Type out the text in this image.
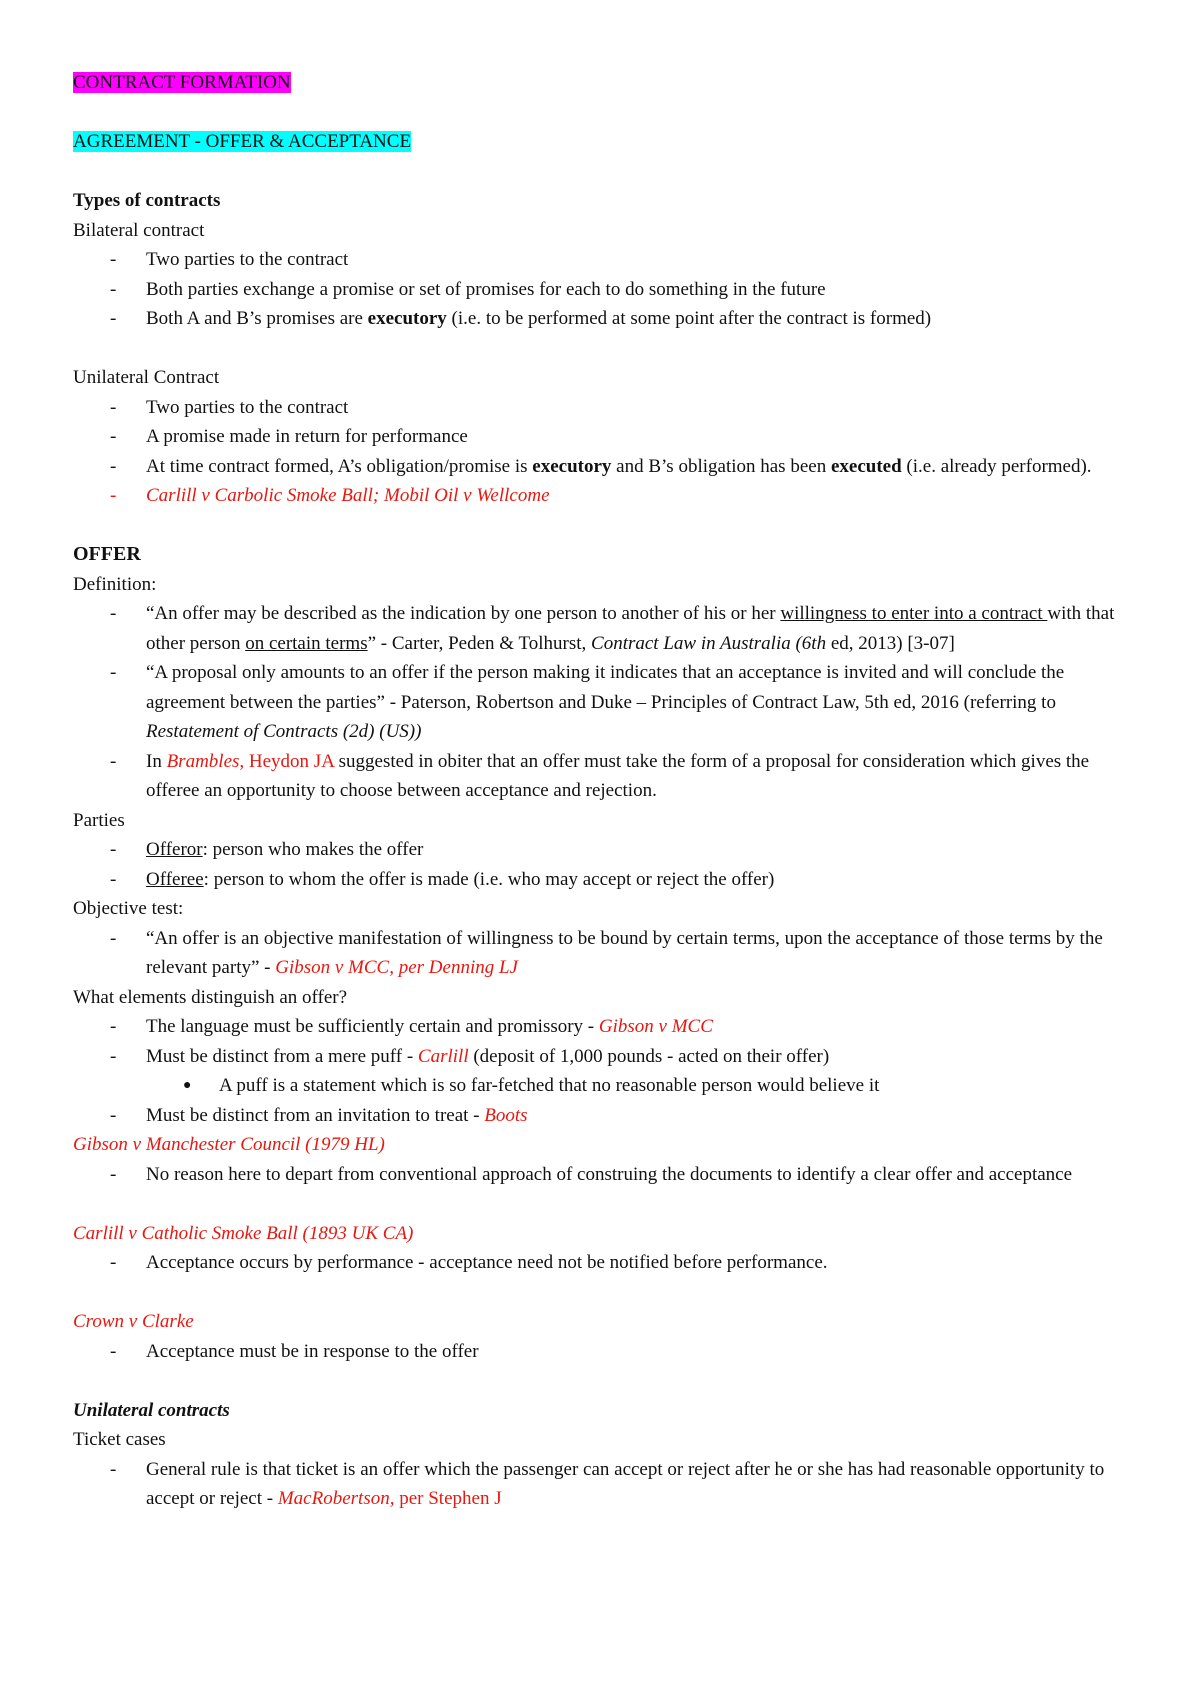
CONTRACT FORMATION

AGREEMENT - OFFER & ACCEPTANCE

Types of contracts

Bilateral contract

- Two parties to the contract
- Both parties exchange a promise or set of promises for each to do something in the future
- Both A and B’s promises are executory (i.e. to be performed at some point after the contract is formed)

Unilateral Contract

- Two parties to the contract
- A promise made in return for performance
- At time contract formed, A’s obligation/promise is executory and B’s obligation has been executed (i.e. already performed).
- Carlill v Carbolic Smoke Ball; Mobil Oil v Wellcome

OFFER

Definition:

- “An offer may be described as the indication by one person to another of his or her willingness to enter into a contract with that other person on certain terms” - Carter, Peden & Tolhurst, Contract Law in Australia (6th ed, 2013) [3-07]
- “A proposal only amounts to an offer if the person making it indicates that an acceptance is invited and will conclude the agreement between the parties” - Paterson, Robertson and Duke – Principles of Contract Law, 5th ed, 2016 (referring to Restatement of Contracts (2d) (US))
- In Brambles, Heydon JA suggested in obiter that an offer must take the form of a proposal for consideration which gives the offeree an opportunity to choose between acceptance and rejection.

Parties

- Offeror: person who makes the offer
- Offeree: person to whom the offer is made (i.e. who may accept or reject the offer)

Objective test:

- “An offer is an objective manifestation of willingness to be bound by certain terms, upon the acceptance of those terms by the relevant party” - Gibson v MCC, per Denning LJ

What elements distinguish an offer?

- The language must be sufficiently certain and promissory - Gibson v MCC
- Must be distinct from a mere puff - Carlill (deposit of 1,000 pounds - acted on their offer)
● A puff is a statement which is so far-fetched that no reasonable person would believe it
- Must be distinct from an invitation to treat - Boots

Gibson v Manchester Council (1979 HL)

- No reason here to depart from conventional approach of construing the documents to identify a clear offer and acceptance

Carlill v Catholic Smoke Ball (1893 UK CA)

- Acceptance occurs by performance - acceptance need not be notified before performance.

Crown v Clarke

- Acceptance must be in response to the offer

Unilateral contracts

Ticket cases

- General rule is that ticket is an offer which the passenger can accept or reject after he or she has had reasonable opportunity to accept or reject - MacRobertson, per Stephen J
